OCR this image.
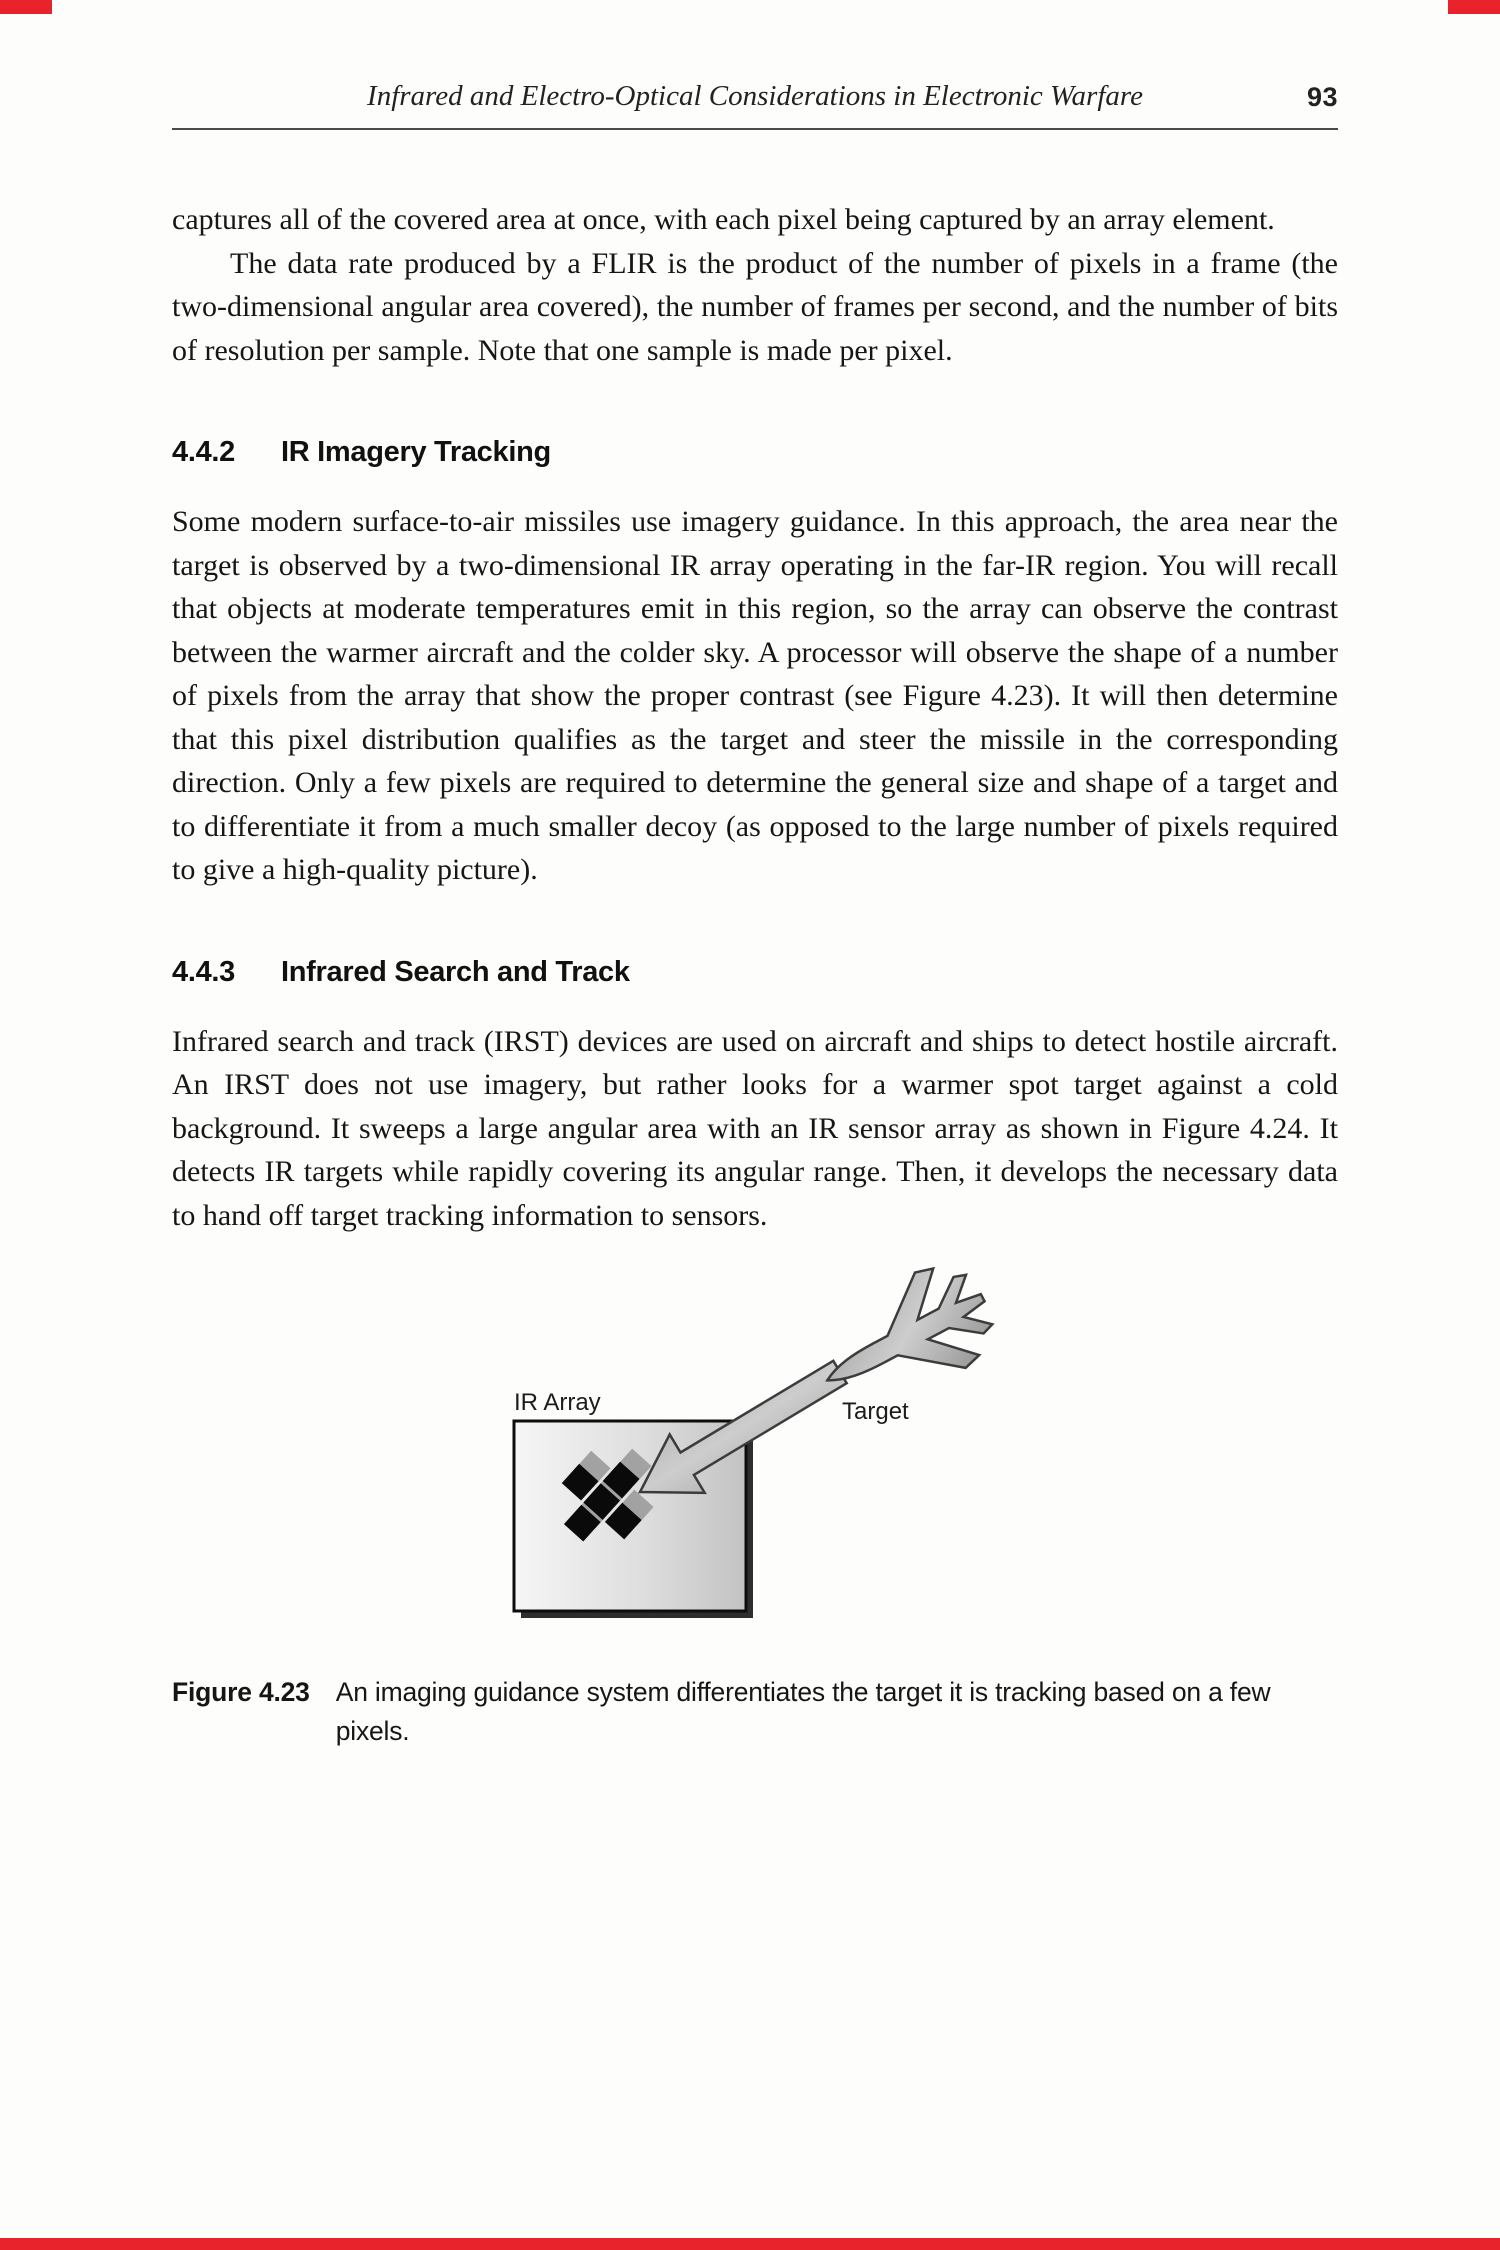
Infrared and Electro-Optical Considerations in Electronic Warfare	93

captures all of the covered area at once, with each pixel being captured by an array element.

The data rate produced by a FLIR is the product of the number of pixels in a frame (the two-dimensional angular area covered), the number of frames per second, and the number of bits of resolution per sample. Note that one sample is made per pixel.

4.4.2 IR Imagery Tracking

Some modern surface-to-air missiles use imagery guidance. In this approach, the area near the target is observed by a two-dimensional IR array operating in the far-IR region. You will recall that objects at moderate temperatures emit in this region, so the array can observe the contrast between the warmer aircraft and the colder sky. A processor will observe the shape of a number of pixels from the array that show the proper contrast (see Figure 4.23). It will then determine that this pixel distribution qualifies as the target and steer the missile in the corresponding direction. Only a few pixels are required to determine the general size and shape of a target and to differentiate it from a much smaller decoy (as opposed to the large number of pixels required to give a high-quality picture).

4.4.3 Infrared Search and Track

Infrared search and track (IRST) devices are used on aircraft and ships to detect hostile aircraft. An IRST does not use imagery, but rather looks for a warmer spot target against a cold background. It sweeps a large angular area with an IR sensor array as shown in Figure 4.24. It detects IR targets while rapidly covering its angular range. Then, it develops the necessary data to hand off target tracking information to sensors.

IR Array	Target
Figure 4.23 An imaging guidance system differentiates the target it is tracking based on a few pixels.
